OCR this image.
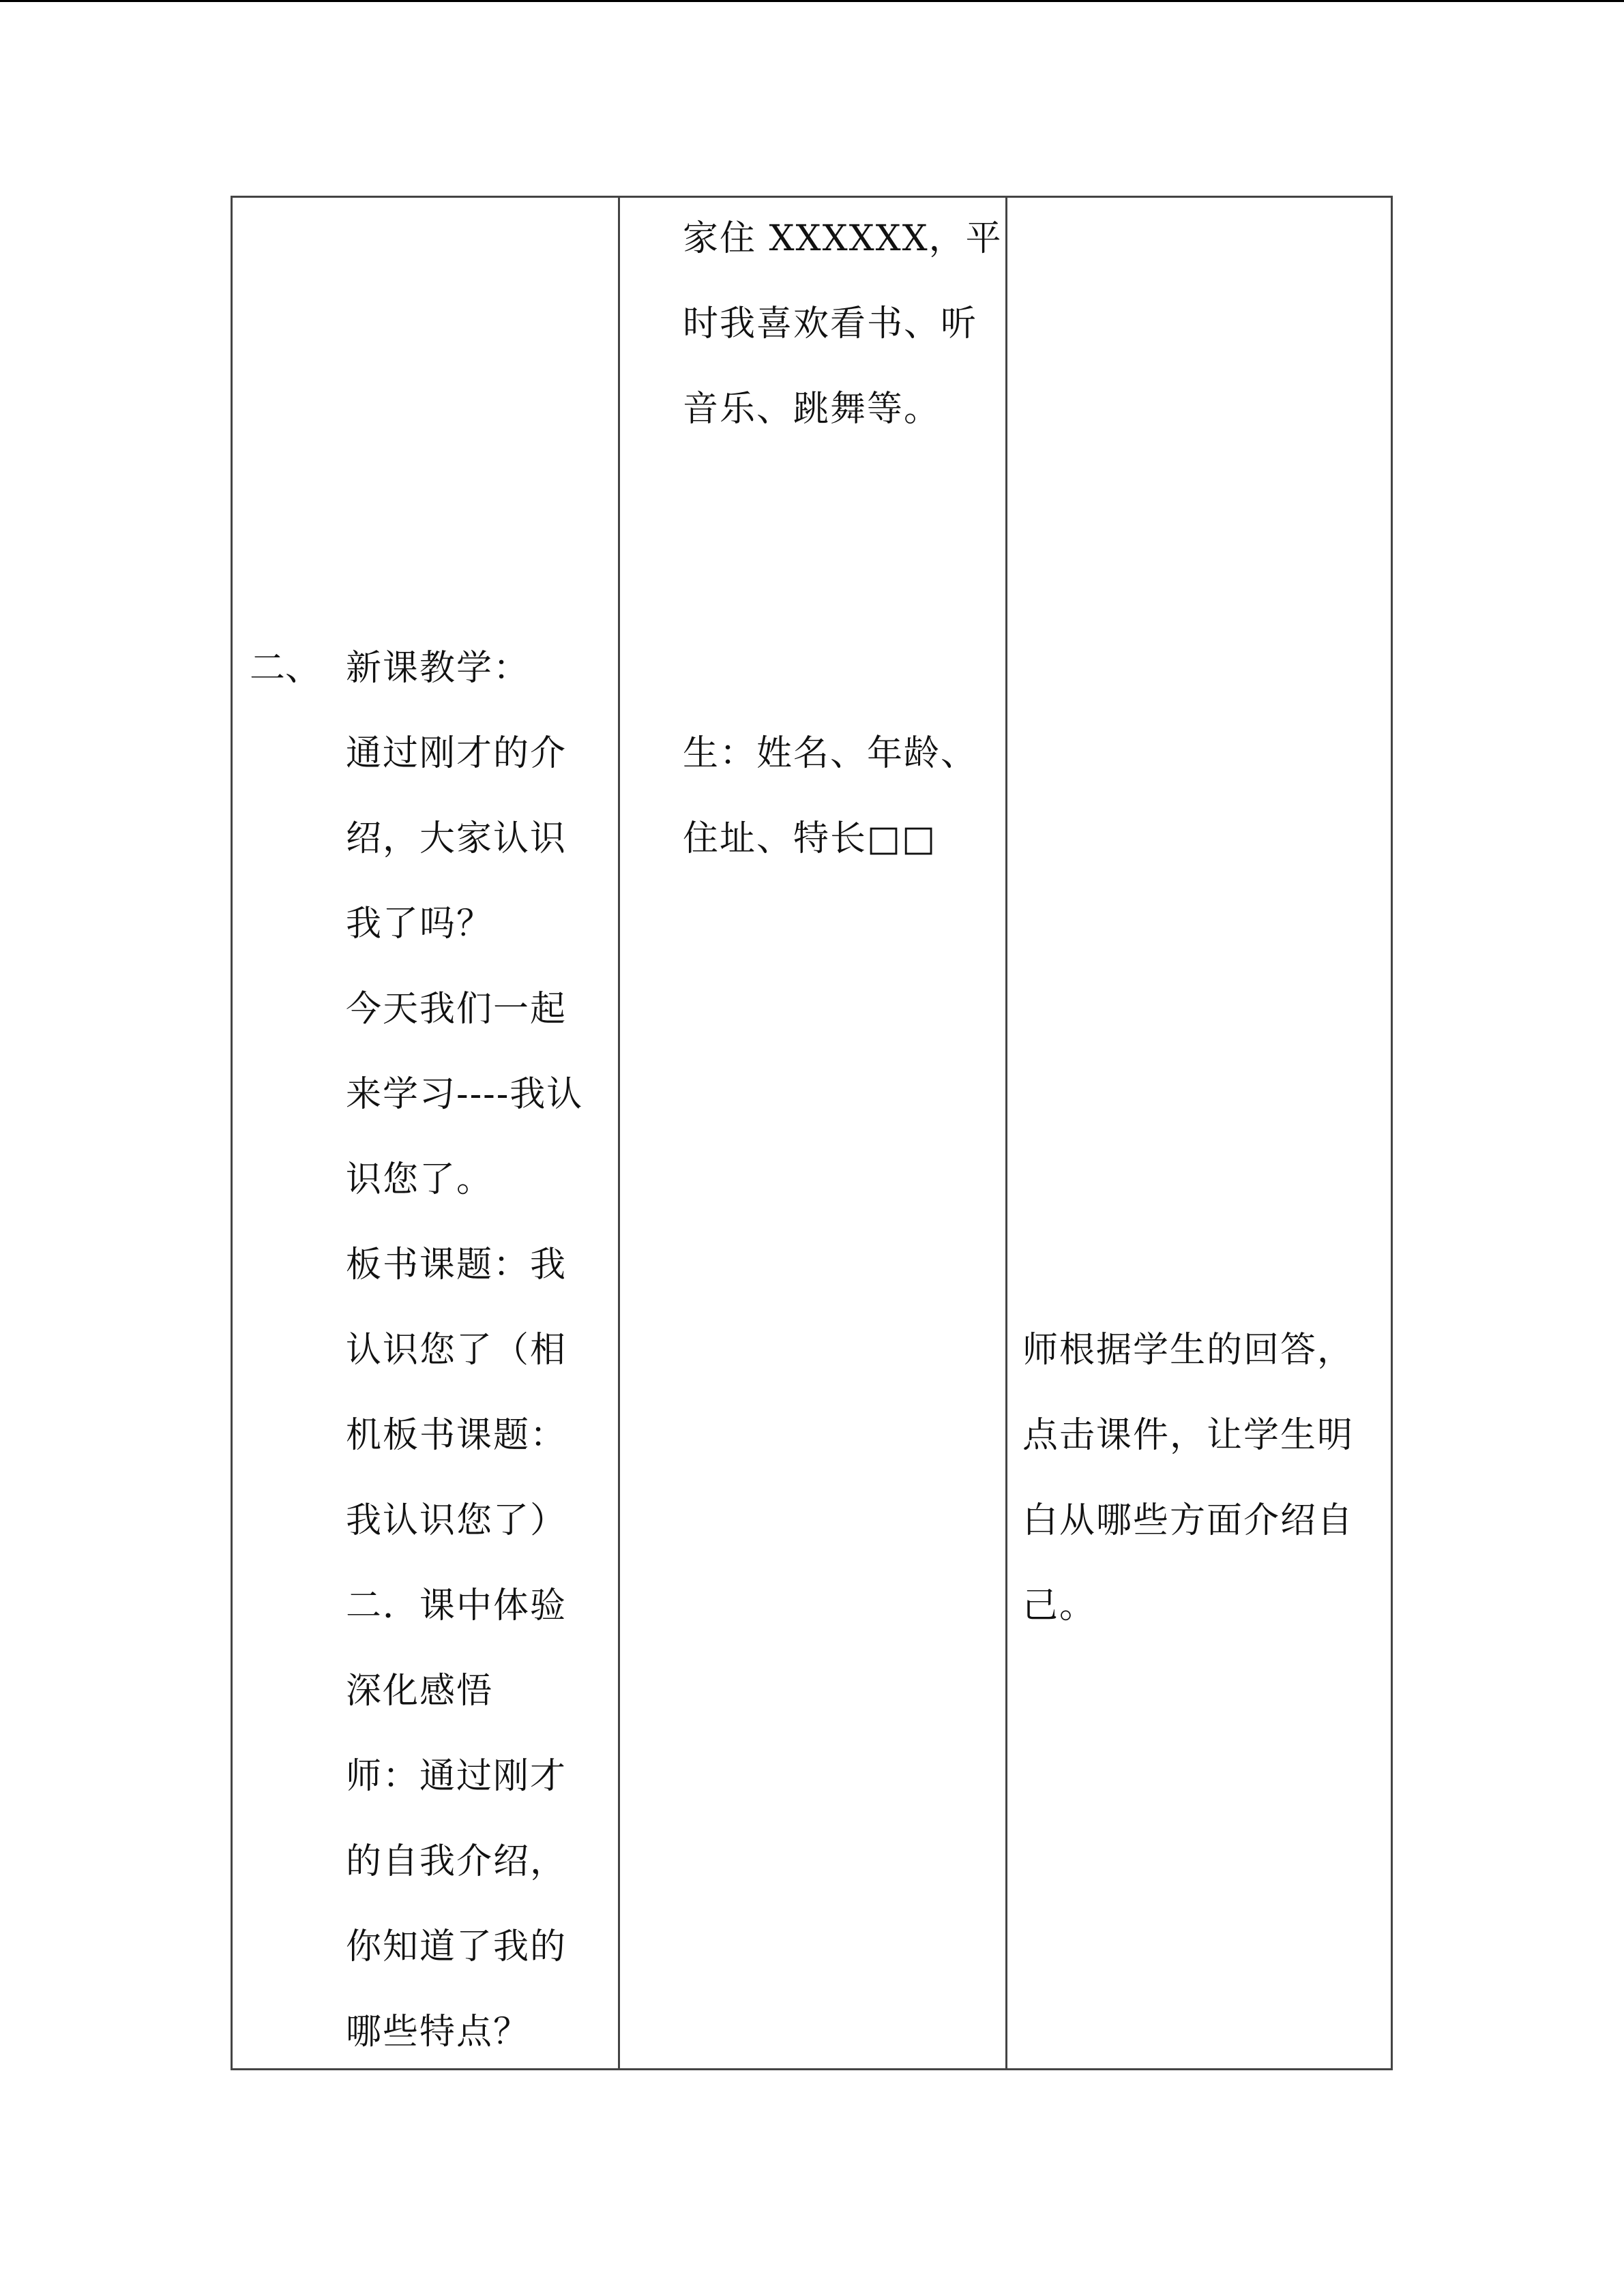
二、 新课教学：
通过刚才的介
绍，大家认识
我了吗？
今天我们一起
来学习----我认
识您了。
板书课题：我
认识您了（相
机板书课题：
我认识您了）
二．课中体验
深化感悟
师：通过刚才
的自我介绍，
你知道了我的
哪些特点？
家住 XXXXXX，平
时我喜欢看书、听
音乐、跳舞等。
生：姓名、年龄、
住址、特长□□
师根据学生的回答，
点击课件，让学生明
白从哪些方面介绍自
己。
